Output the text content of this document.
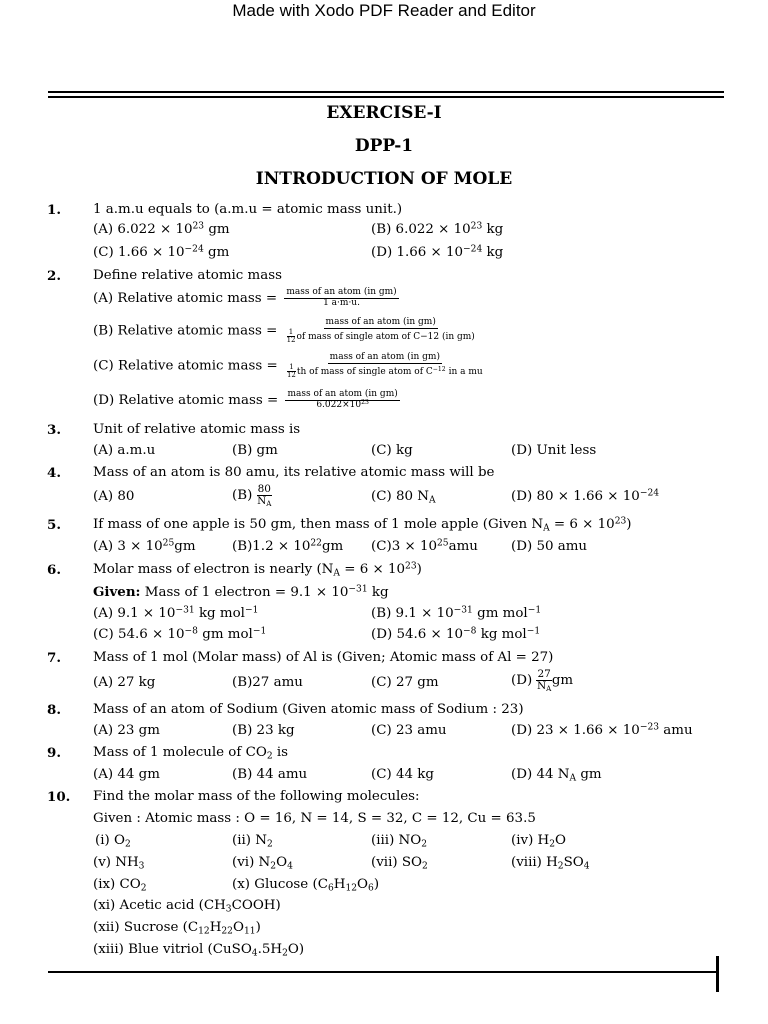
Made with Xodo PDF Reader and Editor
EXERCISE-I
DPP-1
INTRODUCTION OF MOLE
1. 1 a.m.u equals to (a.m.u = atomic mass unit.)
(A) $6.022 \times 10^{23}$ gm	(B) $6.022 \times 10^{23}$ kg
(C) $1.66 \times 10^{-24}$ gm	(D) $1.66 \times 10^{-24}$ kg
2. Define relative atomic mass
(A) Relative atomic mass = $\frac{\text{mass of an atom (in gm)}}{1 a\cdot m\cdot u.}$
(B) Relative atomic mass = $\frac{\text{mass of an atom (in gm)}}{\frac{1}{12} of mass of single atom of C-12 (in gm)}$
(C) Relative atomic mass = $\frac{\text{mass of an atom (in gm)}}{\frac{1}{12} th of mass of single atom of C^{-12} in a mu}$
(D) Relative atomic mass = $\frac{\text{mass of an atom (in gm)}}{6.022\times 10^{23}}$
3. Unit of relative atomic mass is
(A) a.m.u	(B) gm	(C) kg	(D) Unit less
4. Mass of an atom is 80 amu, its relative atomic mass will be
(A) 80	$(B) \frac{80}{N_A}$	(C) 80 $N_A$	(D) $80 \times 1.66 \times 10^{-24}$
5. If mass of one apple is 50 gm, then mass of 1 mole apple (Given $N_A = 6 \times 10^{23}$)
(A) $3 \times 10^{25}gm$	$(B)1.2 \times 10^{22}gm$ $(C)3 \times 10^{25}amu$ (D) 50 amu
6. Molar mass of electron is nearly $(N_A = 6 \times 10^{23})$
Given: Mass of 1 electron = $9.1 \times 10^{-31}$ kg
(A) $9.1 \times 10^{-31}$ kg mol$^{-1}$	(B) $9.1 \times 10^{-31}$ gm mol$^{-1}$
(C) $54.6 \times 10^{-8}$ gm mol$^{-1}$	(D) $54.6 \times 10^{-8}$ kg mol$^{-1}$
7. Mass of 1 mol (Molar mass) of Al is (Given; Atomic mass of Al = 27)
(A) 27 kg	(B)27 amu	(C) 27 gm	$(D) \frac{27}{N_A}$ gm
8. Mass of an atom of Sodium (Given atomic mass of Sodium : 23)
(A) 23 gm	(B) 23 kg	(C) 23 amu	(D) $23 \times 1.66 \times 10^{-23}$ amu
9. Mass of 1 molecule of $CO_2$ is
(A) 44 gm	(B) 44 amu	(C) 44 kg	(D) 44 $N_A$ gm
10. Find the molar mass of the following molecules:
Given : Atomic mass : O = 16, N = 14, S = 32, C = 12, Cu = 63.5
(i) $O_2$	(ii) $N_2$	(iii) $NO_2$	(iv) $H_2O$
(v) $NH_3$	(vi) $N_2O_4$	(vii) $SO_2$	(viii) $H_2SO_4$
(ix) $CO_2$	(x) Glucose $(C_6H_{12}O_6)$
(xi) Acetic acid $(CH_3COOH)$
(xii) Sucrose $(C_{12}H_{22}O_{11})$
(xiii) Blue vitriol $(CuSO_4.5H_2O)$
